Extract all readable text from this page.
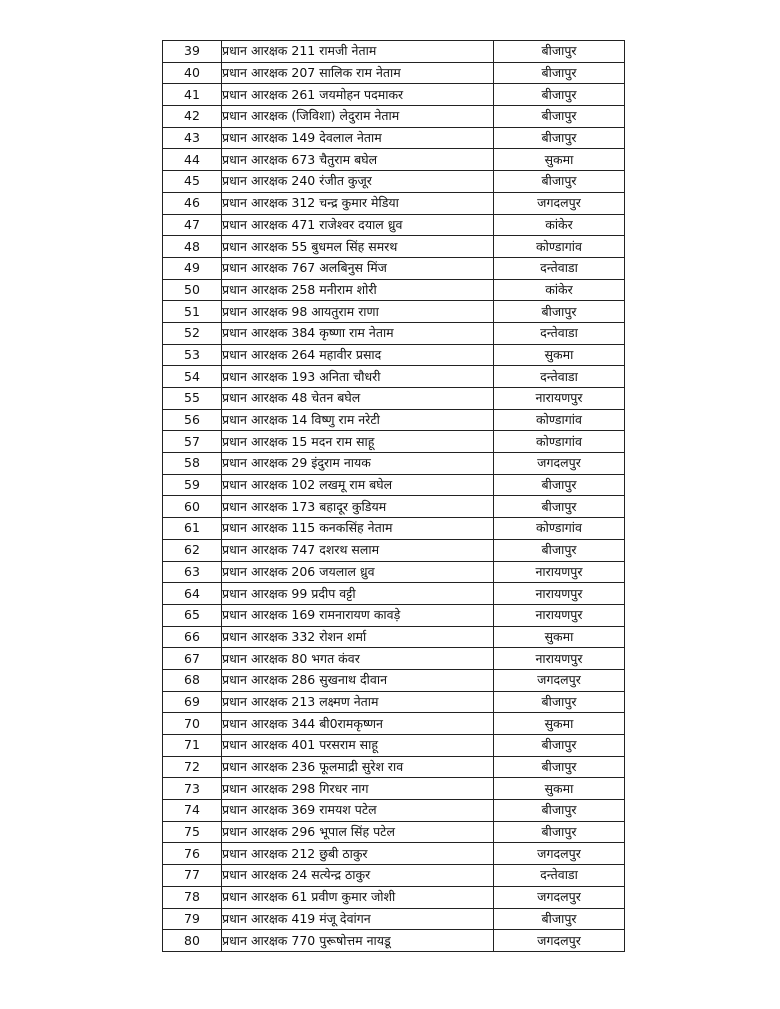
39	प्रधान आरक्षक 211 रामजी नेताम	बीजापुर
40	प्रधान आरक्षक 207 सालिक राम नेताम	बीजापुर
41	प्रधान आरक्षक 261 जयमोहन पदमाकर	बीजापुर
42	प्रधान आरक्षक (जिविशा) लेदुराम नेताम	बीजापुर
43	प्रधान आरक्षक 149 देवलाल नेताम	बीजापुर
44	प्रधान आरक्षक 673 चैतुराम बघेल	सुकमा
45	प्रधान आरक्षक 240 रंजीत कुजूर	बीजापुर
46	प्रधान आरक्षक 312 चन्द्र कुमार मेडिया	जगदलपुर
47	प्रधान आरक्षक 471 राजेश्वर दयाल ध्रुव	कांकेर
48	प्रधान आरक्षक 55 बुधमल सिंह समरथ	कोण्डागांव
49	प्रधान आरक्षक 767 अलबिनुस मिंज	दन्तेवाडा
50	प्रधान आरक्षक 258 मनीराम शोरी	कांकेर
51	प्रधान आरक्षक 98 आयतुराम राणा	बीजापुर
52	प्रधान आरक्षक 384 कृष्णा राम नेताम	दन्तेवाडा
53	प्रधान आरक्षक 264 महावीर प्रसाद	सुकमा
54	प्रधान आरक्षक 193 अनिता चौधरी	दन्तेवाडा
55	प्रधान आरक्षक 48 चेतन बघेल	नारायणपुर
56	प्रधान आरक्षक 14 विष्णु राम नरेटी	कोण्डागांव
57	प्रधान आरक्षक 15 मदन राम साहू	कोण्डागांव
58	प्रधान आरक्षक 29 इंदुराम नायक	जगदलपुर
59	प्रधान आरक्षक 102 लखमू राम बघेल	बीजापुर
60	प्रधान आरक्षक 173 बहादूर कुडियम	बीजापुर
61	प्रधान आरक्षक 115 कनकसिंह नेताम	कोण्डागांव
62	प्रधान आरक्षक 747 दशरथ सलाम	बीजापुर
63	प्रधान आरक्षक 206 जयलाल ध्रुव	नारायणपुर
64	प्रधान आरक्षक 99 प्रदीप वट्टी	नारायणपुर
65	प्रधान आरक्षक 169 रामनारायण कावड़े	नारायणपुर
66	प्रधान आरक्षक 332 रोशन शर्मा	सुकमा
67	प्रधान आरक्षक 80 भगत कंवर	नारायणपुर
68	प्रधान आरक्षक 286 सुखनाथ दीवान	जगदलपुर
69	प्रधान आरक्षक 213 लक्ष्मण नेताम	बीजापुर
70	प्रधान आरक्षक 344 बी0रामकृष्णन	सुकमा
71	प्रधान आरक्षक 401 परसराम साहू	बीजापुर
72	प्रधान आरक्षक 236 फूलमाद्री सुरेश राव	बीजापुर
73	प्रधान आरक्षक 298 गिरधर नाग	सुकमा
74	प्रधान आरक्षक 369 रामयश पटेल	बीजापुर
75	प्रधान आरक्षक 296 भूपाल सिंह पटेल	बीजापुर
76	प्रधान आरक्षक 212 छुबी ठाकुर	जगदलपुर
77	प्रधान आरक्षक 24 सत्येन्द्र ठाकुर	दन्तेवाडा
78	प्रधान आरक्षक 61 प्रवीण कुमार जोशी	जगदलपुर
79	प्रधान आरक्षक 419 मंजू देवांगन	बीजापुर
80	प्रधान आरक्षक 770 पुरूषोत्तम नायडू	जगदलपुर
